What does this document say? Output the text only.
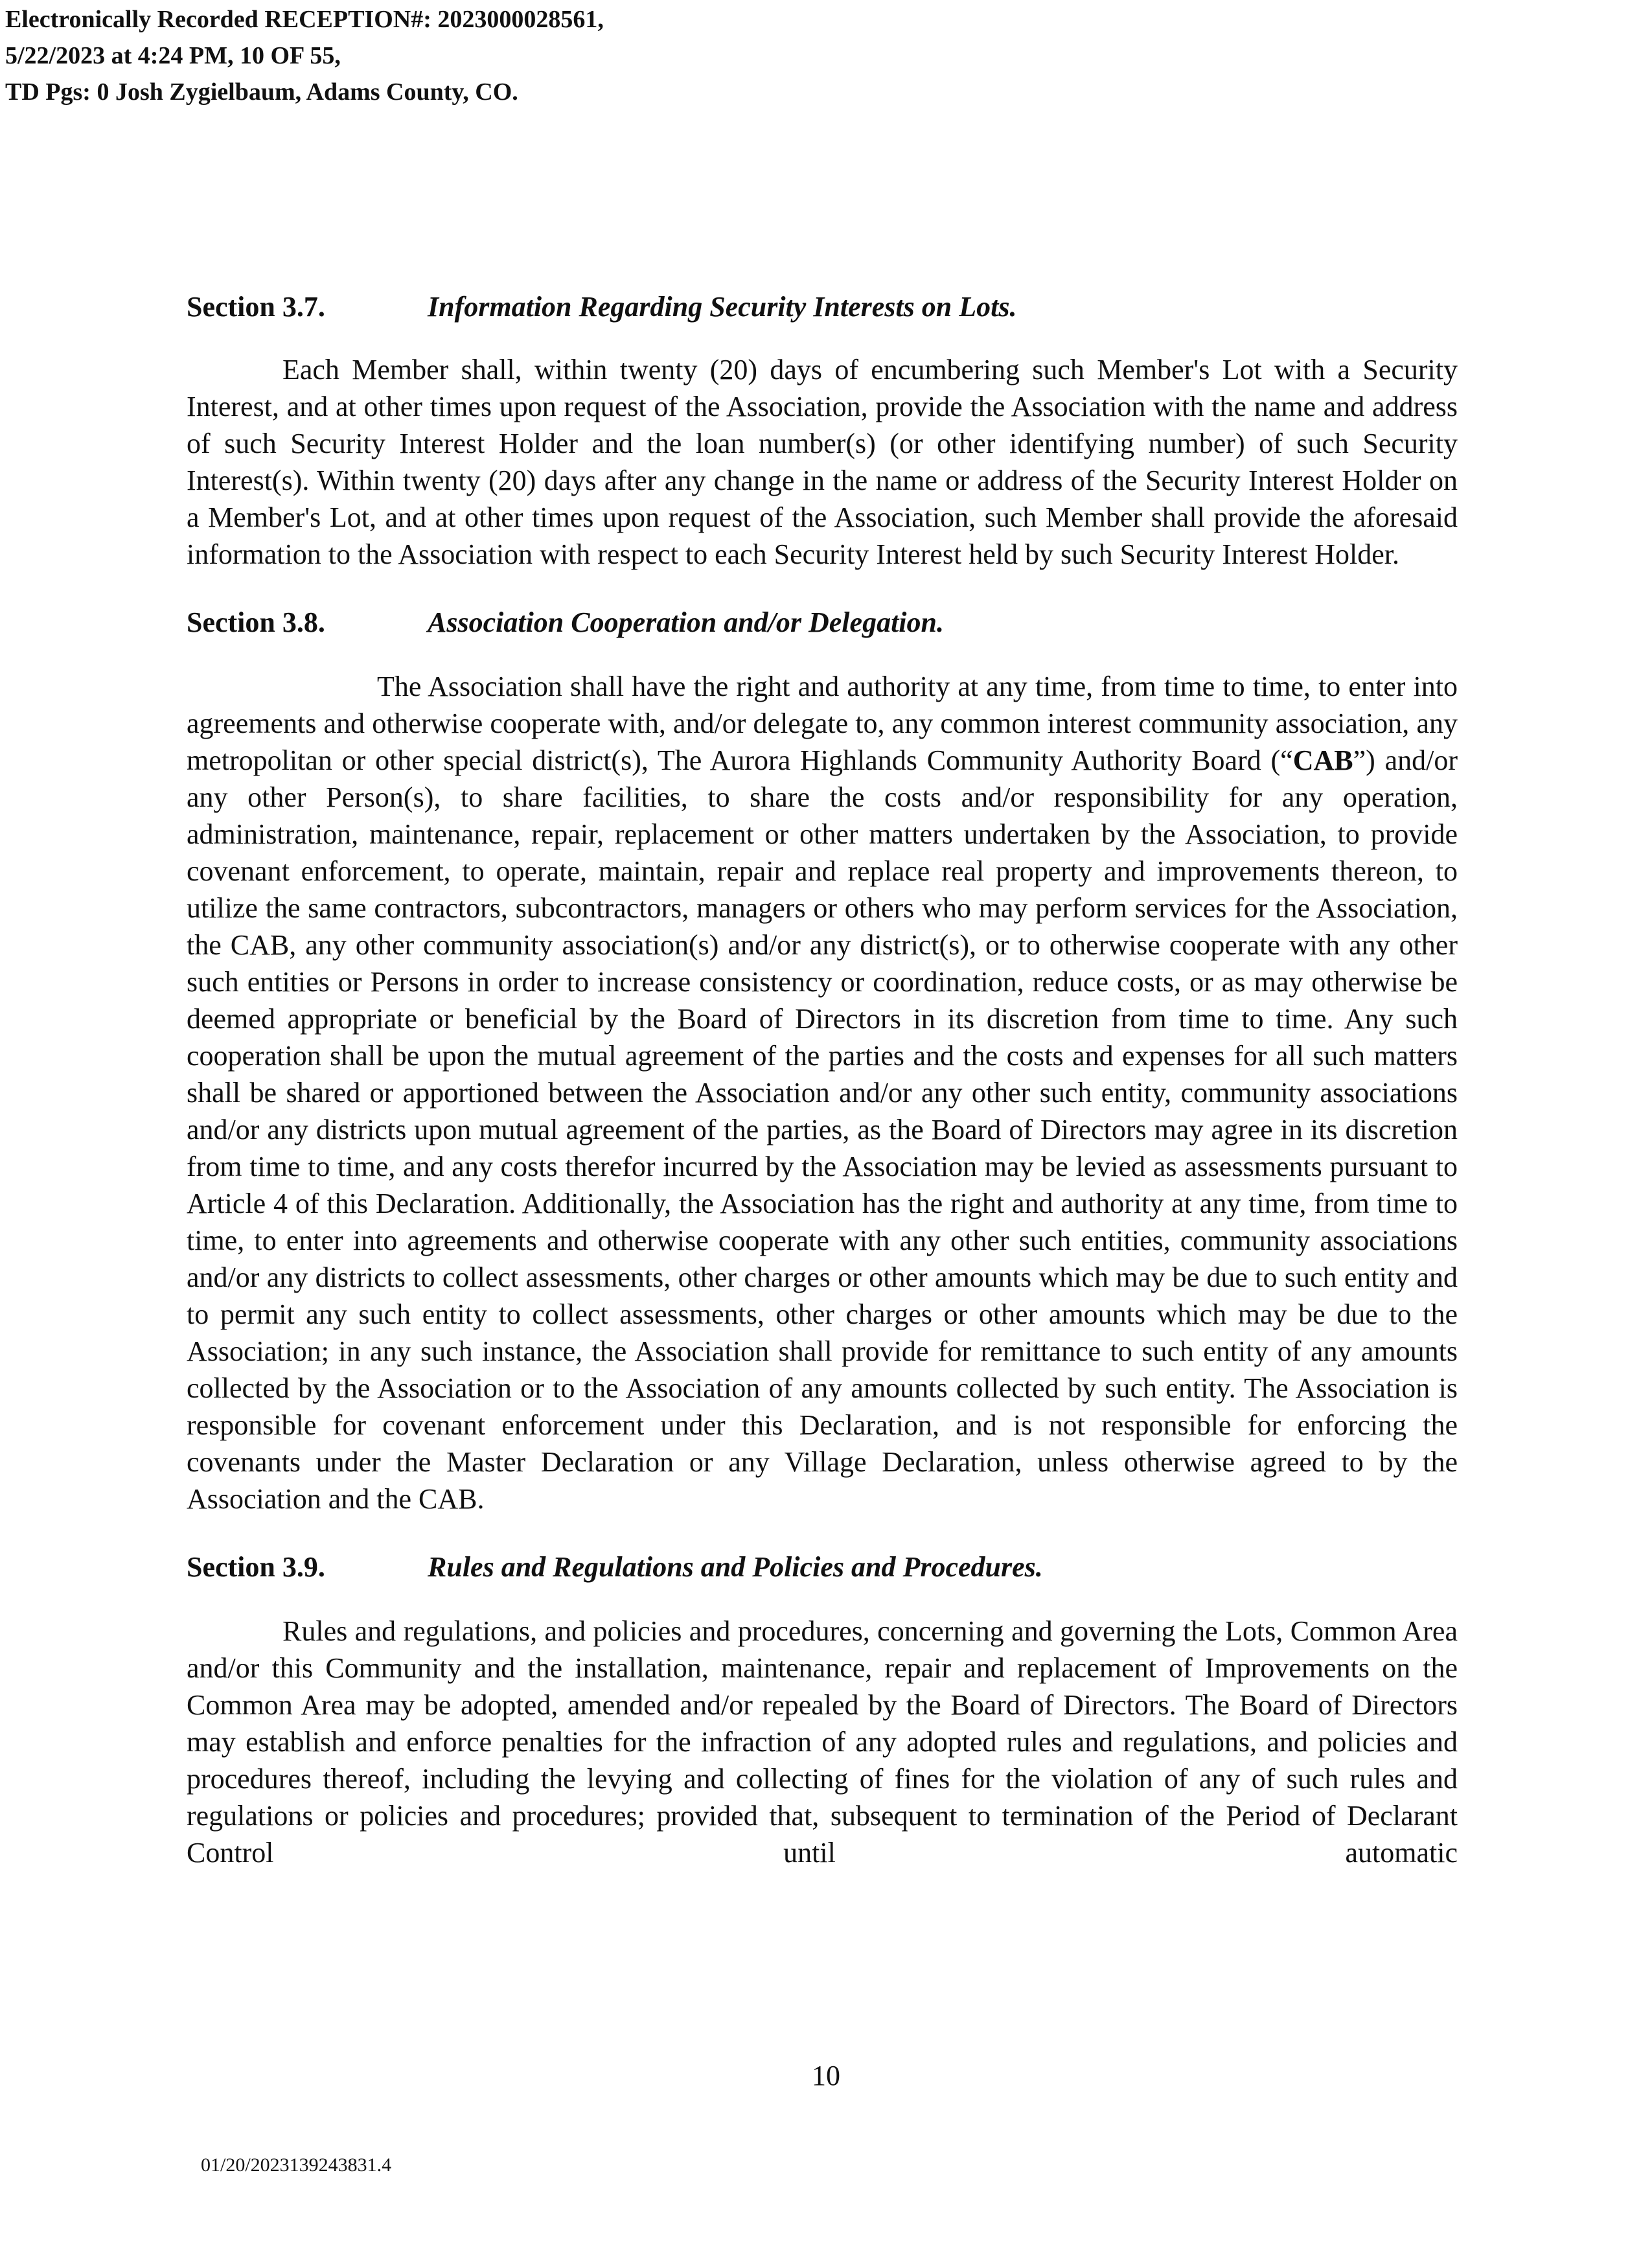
Electronically Recorded RECEPTION#: 2023000028561,
5/22/2023 at 4:24 PM, 10 OF 55,
TD Pgs: 0 Josh Zygielbaum, Adams County, CO.
Section 3.7.	Information Regarding Security Interests on Lots.

Each Member shall, within twenty (20) days of encumbering such Member's Lot with a Security Interest, and at other times upon request of the Association, provide the Association with the name and address of such Security Interest Holder and the loan number(s) (or other identifying number) of such Security Interest(s). Within twenty (20) days after any change in the name or address of the Security Interest Holder on a Member's Lot, and at other times upon request of the Association, such Member shall provide the aforesaid information to the Association with respect to each Security Interest held by such Security Interest Holder.

Section 3.8.	Association Cooperation and/or Delegation.

The Association shall have the right and authority at any time, from time to time, to enter into agreements and otherwise cooperate with, and/or delegate to, any common interest community association, any metropolitan or other special district(s), The Aurora Highlands Community Authority Board (“CAB”) and/or any other Person(s), to share facilities, to share the costs and/or responsibility for any operation, administration, maintenance, repair, replacement or other matters undertaken by the Association, to provide covenant enforcement, to operate, maintain, repair and replace real property and improvements thereon, to utilize the same contractors, subcontractors, managers or others who may perform services for the Association, the CAB, any other community association(s) and/or any district(s), or to otherwise cooperate with any other such entities or Persons in order to increase consistency or coordination, reduce costs, or as may otherwise be deemed appropriate or beneficial by the Board of Directors in its discretion from time to time. Any such cooperation shall be upon the mutual agreement of the parties and the costs and expenses for all such matters shall be shared or apportioned between the Association and/or any other such entity, community associations and/or any districts upon mutual agreement of the parties, as the Board of Directors may agree in its discretion from time to time, and any costs therefor incurred by the Association may be levied as assessments pursuant to Article 4 of this Declaration. Additionally, the Association has the right and authority at any time, from time to time, to enter into agreements and otherwise cooperate with any other such entities, community associations and/or any districts to collect assessments, other charges or other amounts which may be due to such entity and to permit any such entity to collect assessments, other charges or other amounts which may be due to the Association; in any such instance, the Association shall provide for remittance to such entity of any amounts collected by the Association or to the Association of any amounts collected by such entity. The Association is responsible for covenant enforcement under this Declaration, and is not responsible for enforcing the covenants under the Master Declaration or any Village Declaration, unless otherwise agreed to by the Association and the CAB.

Section 3.9.	Rules and Regulations and Policies and Procedures.

Rules and regulations, and policies and procedures, concerning and governing the Lots, Common Area and/or this Community and the installation, maintenance, repair and replacement of Improvements on the Common Area may be adopted, amended and/or repealed by the Board of Directors. The Board of Directors may establish and enforce penalties for the infraction of any adopted rules and regulations, and policies and procedures thereof, including the levying and collecting of fines for the violation of any of such rules and regulations or policies and procedures; provided that, subsequent to termination of the Period of Declarant Control until automatic

10
01/20/2023139243831.4
